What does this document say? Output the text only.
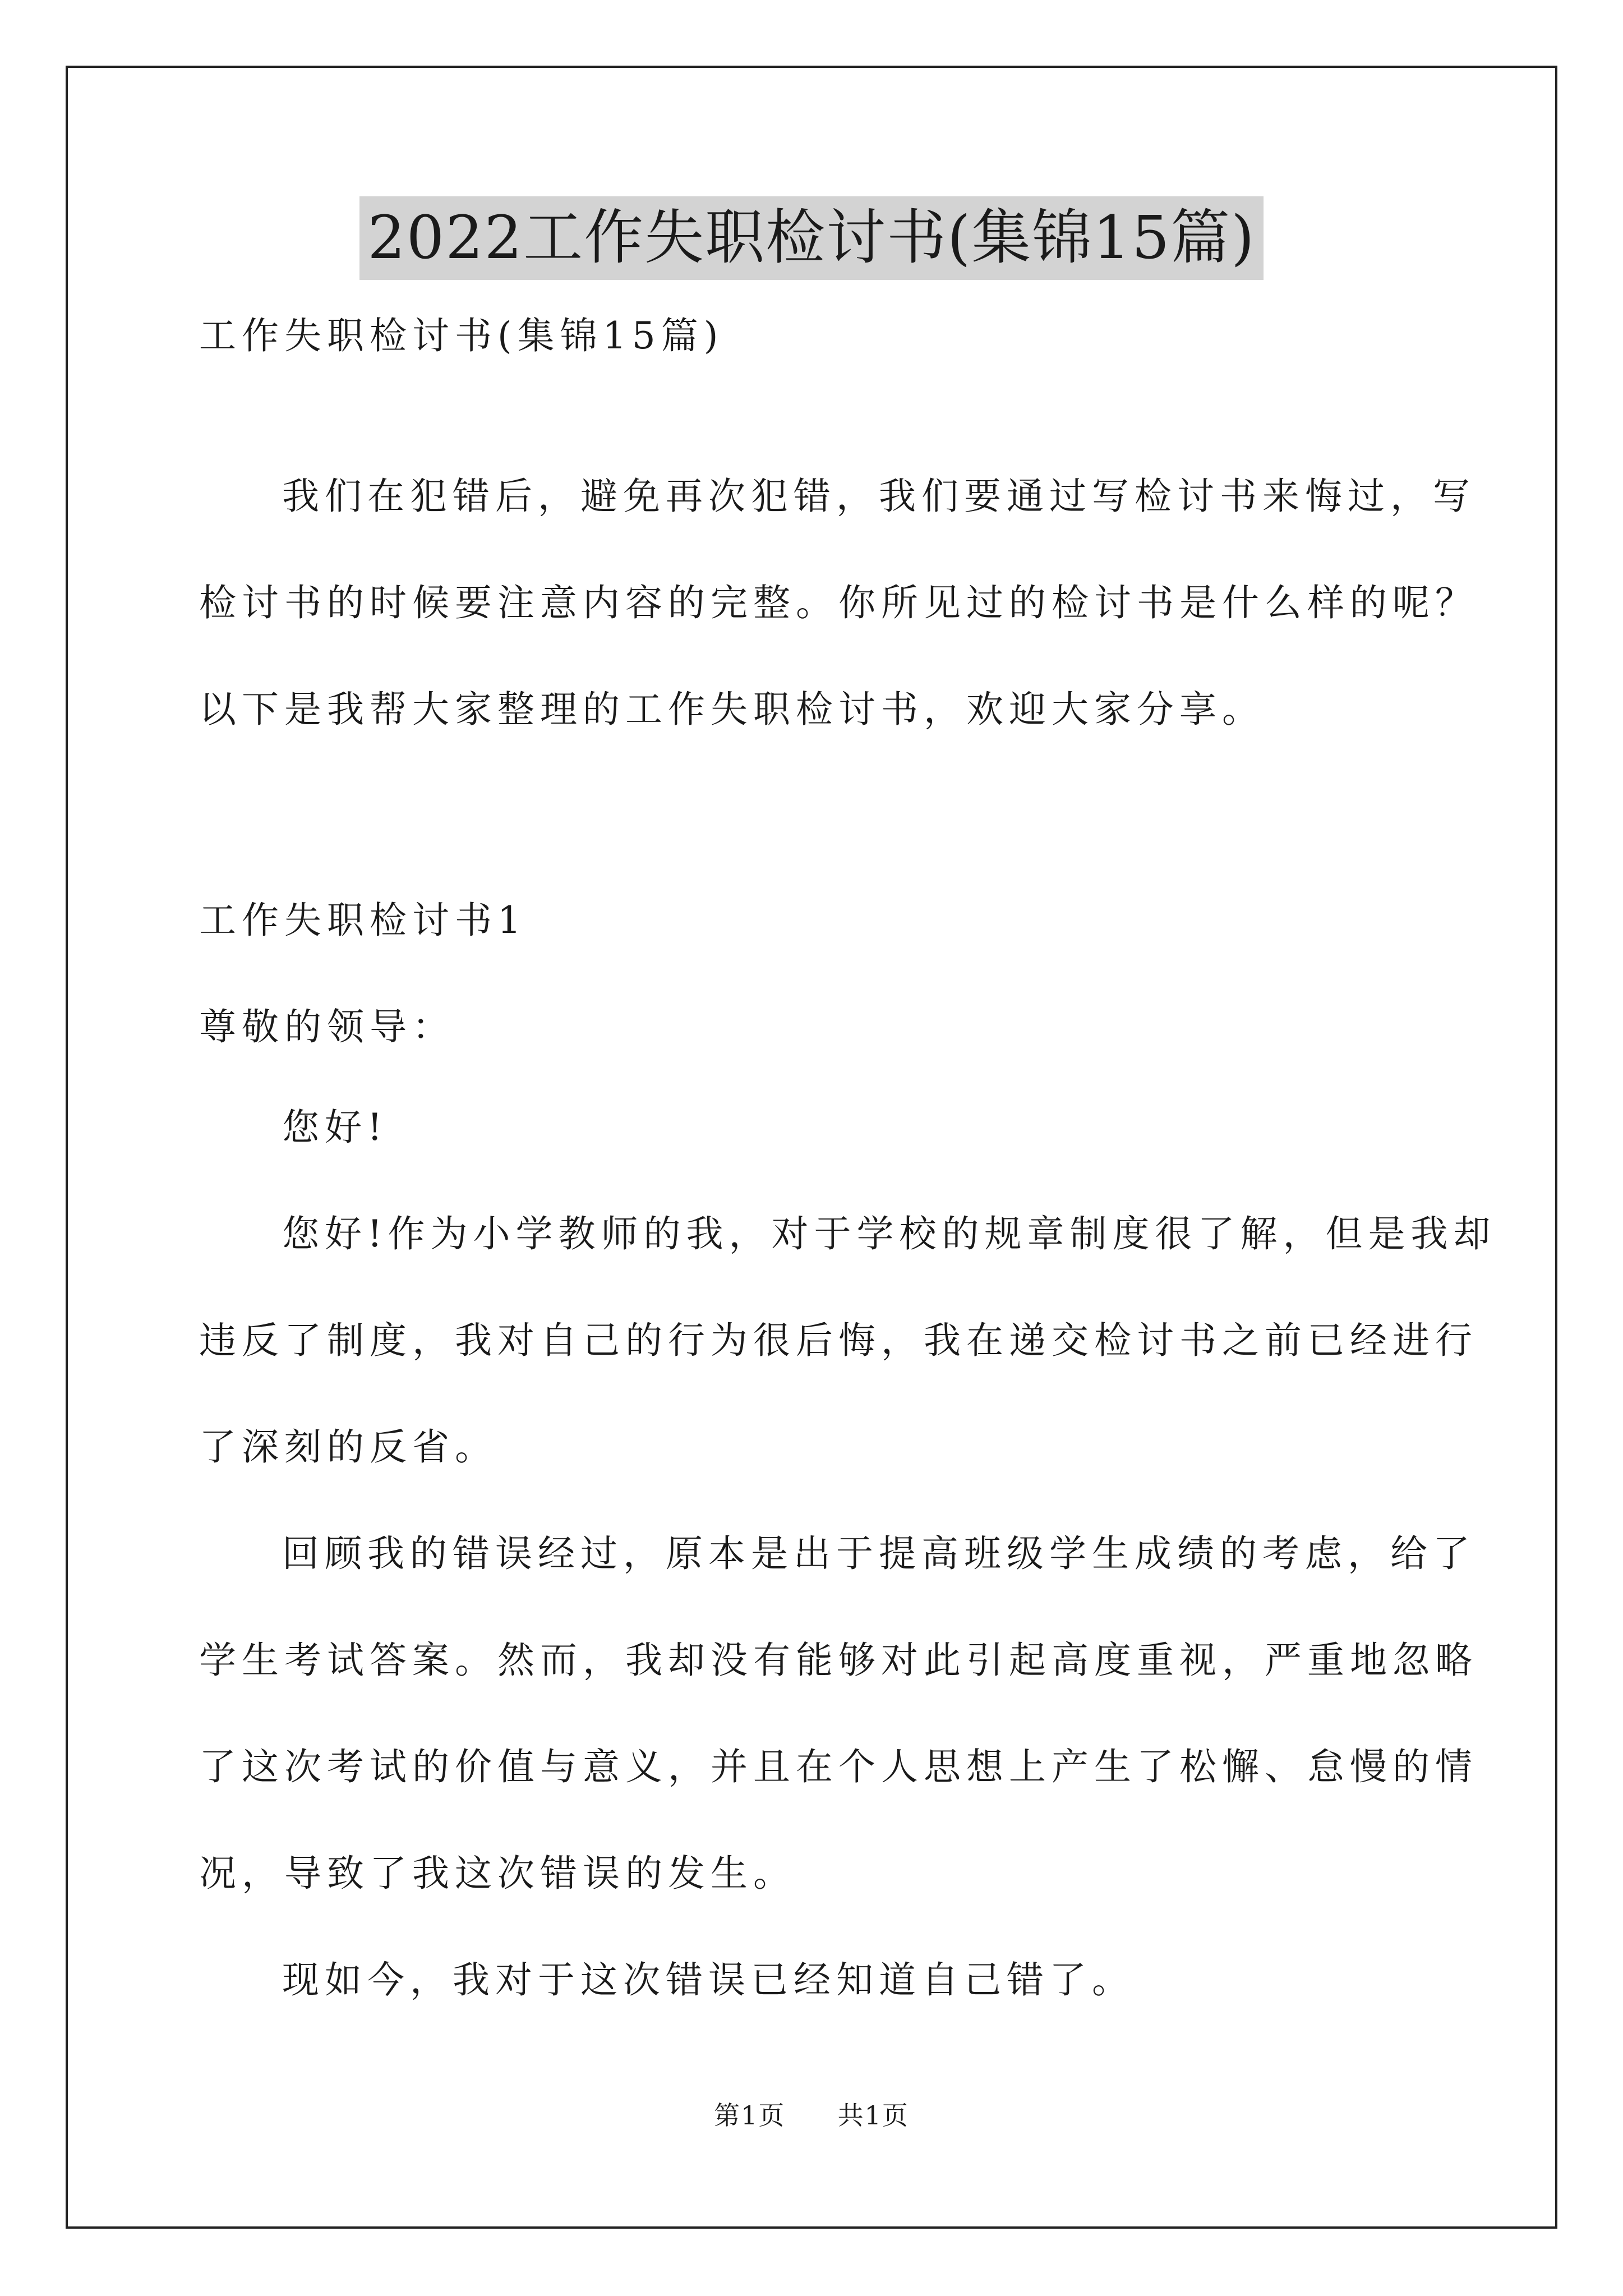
2022工作失职检讨书(集锦15篇)
工作失职检讨书(集锦15篇)
我们在犯错后，避免再次犯错，我们要通过写检讨书来悔过，写
检讨书的时候要注意内容的完整。你所见过的检讨书是什么样的呢？
以下是我帮大家整理的工作失职检讨书，欢迎大家分享。
工作失职检讨书1
尊敬的领导：
您好!
您好!作为小学教师的我，对于学校的规章制度很了解，但是我却
违反了制度，我对自己的行为很后悔，我在递交检讨书之前已经进行
了深刻的反省。
回顾我的错误经过，原本是出于提高班级学生成绩的考虑，给了
学生考试答案。然而，我却没有能够对此引起高度重视，严重地忽略
了这次考试的价值与意义，并且在个人思想上产生了松懈、怠慢的情
况，导致了我这次错误的发生。
现如今，我对于这次错误已经知道自己错了。
第1页 共1页
